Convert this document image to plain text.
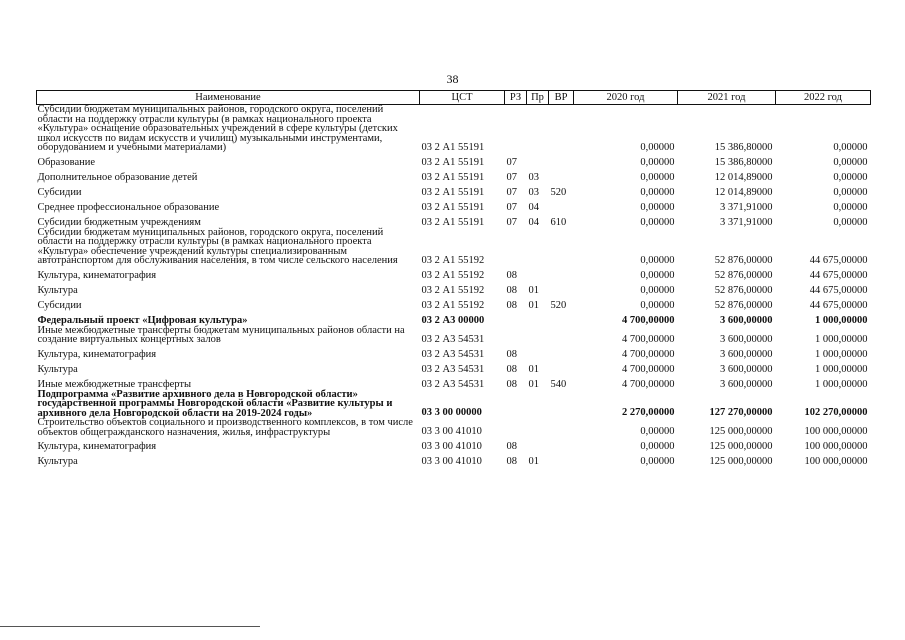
38
Наименование	ЦСТ	РЗ	Пр	ВР	2020 год	2021 год	2022 год
Субсидии бюджетам муниципальных районов, городского округа, поселений области на поддержку отрасли культуры (в рамках национального проекта «Культура» оснащение образовательных учреждений в сфере культуры (детских школ искусств по видам искусств и училищ) музыкальными инструментами, оборудованием и учебными материалами)	03 2 А1 55191				0,00000	15 386,80000	0,00000
Образование	03 2 А1 55191	07			0,00000	15 386,80000	0,00000
Дополнительное образование детей	03 2 А1 55191	07	03		0,00000	12 014,89000	0,00000
Субсидии	03 2 А1 55191	07	03	520	0,00000	12 014,89000	0,00000
Среднее профессиональное образование	03 2 А1 55191	07	04		0,00000	3 371,91000	0,00000
Субсидии бюджетным учреждениям	03 2 А1 55191	07	04	610	0,00000	3 371,91000	0,00000
Субсидии бюджетам муниципальных районов, городского округа, поселений области на поддержку отрасли культуры (в рамках национального проекта «Культура» обеспечение учреждений культуры специализированным автотранспортом для обслуживания населения, в том числе сельского населения	03 2 А1 55192				0,00000	52 876,00000	44 675,00000
Культура, кинематография	03 2 А1 55192	08			0,00000	52 876,00000	44 675,00000
Культура	03 2 А1 55192	08	01		0,00000	52 876,00000	44 675,00000
Субсидии	03 2 А1 55192	08	01	520	0,00000	52 876,00000	44 675,00000
Федеральный проект «Цифровая культура»	03 2 А3 00000				4 700,00000	3 600,00000	1 000,00000
Иные межбюджетные трансферты бюджетам муниципальных районов области на создание виртуальных концертных залов	03 2 А3 54531				4 700,00000	3 600,00000	1 000,00000
Культура, кинематография	03 2 А3 54531	08			4 700,00000	3 600,00000	1 000,00000
Культура	03 2 А3 54531	08	01		4 700,00000	3 600,00000	1 000,00000
Иные межбюджетные трансферты	03 2 А3 54531	08	01	540	4 700,00000	3 600,00000	1 000,00000
Подпрограмма «Развитие архивного дела в Новгородской области» государственной программы Новгородской области «Развитие культуры и архивного дела Новгородской области на 2019-2024 годы»	03 3 00 00000				2 270,00000	127 270,00000	102 270,00000
Строительство объектов социального и производственного комплексов, в том числе объектов общегражданского назначения, жилья, инфраструктуры	03 3 00 41010				0,00000	125 000,00000	100 000,00000
Культура, кинематография	03 3 00 41010	08			0,00000	125 000,00000	100 000,00000
Культура	03 3 00 41010	08	01		0,00000	125 000,00000	100 000,00000
